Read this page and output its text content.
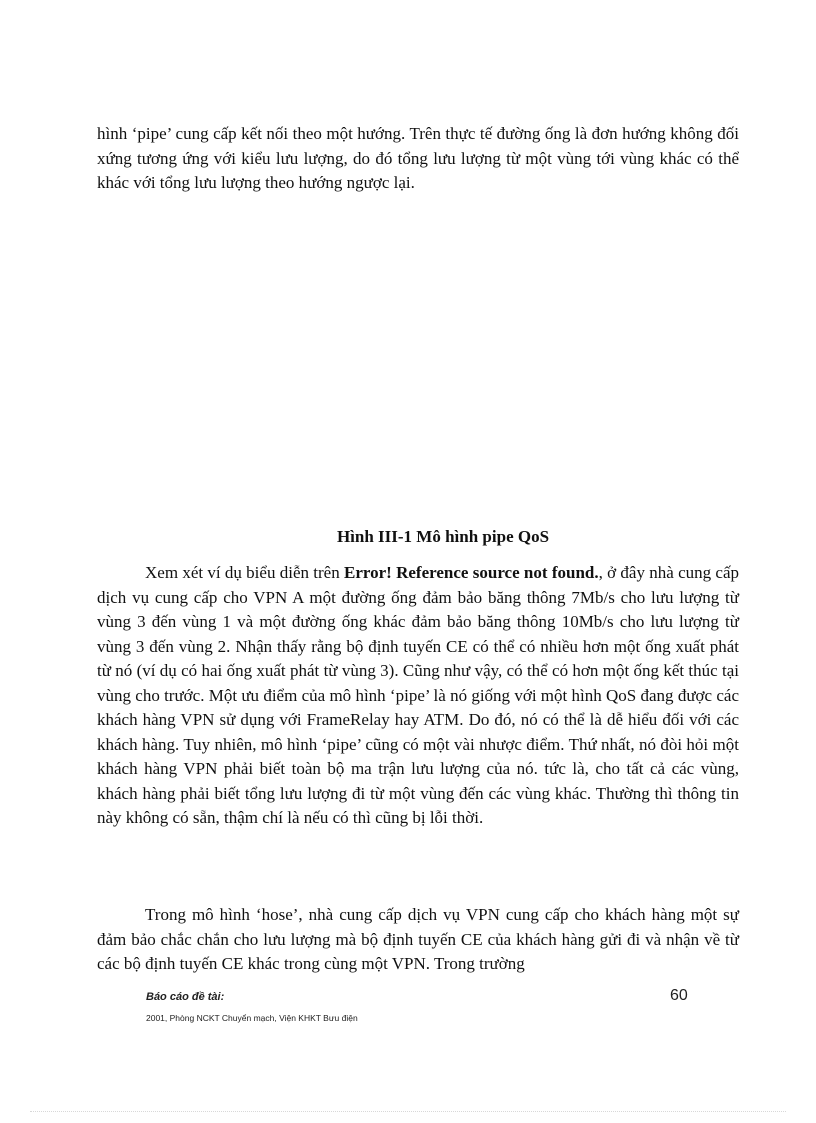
hình ‘pipe’ cung cấp kết nối theo một hướng. Trên thực tế đường ống là đơn hướng không đối xứng tương ứng với kiểu lưu lượng, do đó tổng lưu lượng từ một vùng tới vùng khác có thể khác với tổng lưu lượng theo hướng ngược lại.

Hình III-1 Mô hình pipe QoS

Xem xét ví dụ biểu diễn trên Error! Reference source not found., ở đây nhà cung cấp dịch vụ cung cấp cho VPN A một đường ống đảm bảo băng thông 7Mb/s cho lưu lượng từ vùng 3 đến vùng 1 và một đường ống khác đảm bảo băng thông 10Mb/s cho lưu lượng từ vùng 3 đến vùng 2. Nhận thấy rằng bộ định tuyến CE có thể có nhiều hơn một ống xuất phát từ nó (ví dụ có hai ống xuất phát từ vùng 3). Cũng như vậy, có thể có hơn một ống kết thúc tại vùng cho trước. Một ưu điểm của mô hình ‘pipe’ là nó giống với một hình QoS đang được các khách hàng VPN sử dụng với FrameRelay hay ATM. Do đó, nó có thể là dễ hiểu đối với các khách hàng. Tuy nhiên, mô hình ‘pipe’ cũng có một vài nhược điểm. Thứ nhất, nó đòi hỏi một khách hàng VPN phải biết toàn bộ ma trận lưu lượng của nó. tức là, cho tất cả các vùng, khách hàng phải biết tổng lưu lượng đi từ một vùng đến các vùng khác. Thường thì thông tin này không có sẵn, thậm chí là nếu có thì cũng bị lỗi thời.

Trong mô hình ‘hose’, nhà cung cấp dịch vụ VPN cung cấp cho khách hàng một sự đảm bảo chắc chắn cho lưu lượng mà bộ định tuyến CE của khách hàng gửi đi và nhận về từ các bộ định tuyến CE khác trong cùng một VPN. Trong trường

Báo cáo đề tài:
2001, Phòng NCKT Chuyển mạch, Viện KHKT Bưu điện
60
